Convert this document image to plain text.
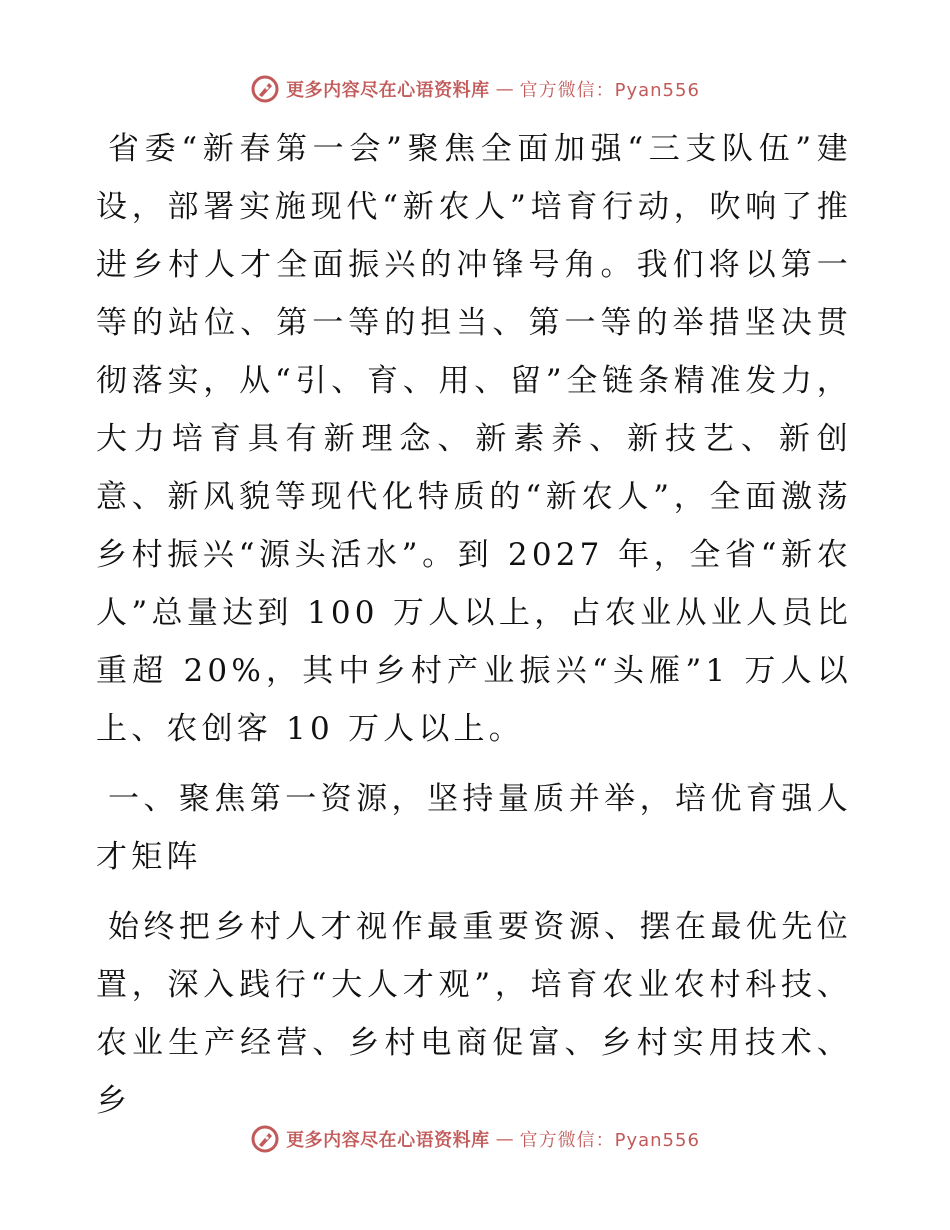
更多内容尽在心语资料库 — 官方微信：Pyan556

省委“新春第一会”聚焦全面加强“三支队伍”建设，部署实施现代“新农人”培育行动，吹响了推进乡村人才全面振兴的冲锋号角。我们将以第一等的站位、第一等的担当、第一等的举措坚决贯彻落实，从“引、育、用、留”全链条精准发力，大力培育具有新理念、新素养、新技艺、新创意、新风貌等现代化特质的“新农人”，全面激荡乡村振兴“源头活水”。到 2027 年，全省“新农人”总量达到 100 万人以上，占农业从业人员比重超 20%，其中乡村产业振兴“头雁”1 万人以上、农创客 10 万人以上。

一、聚焦第一资源，坚持量质并举，培优育强人才矩阵

始终把乡村人才视作最重要资源、摆在最优先位置，深入践行“大人才观”，培育农业农村科技、农业生产经营、乡村电商促富、乡村实用技术、乡

更多内容尽在心语资料库 — 官方微信：Pyan556
